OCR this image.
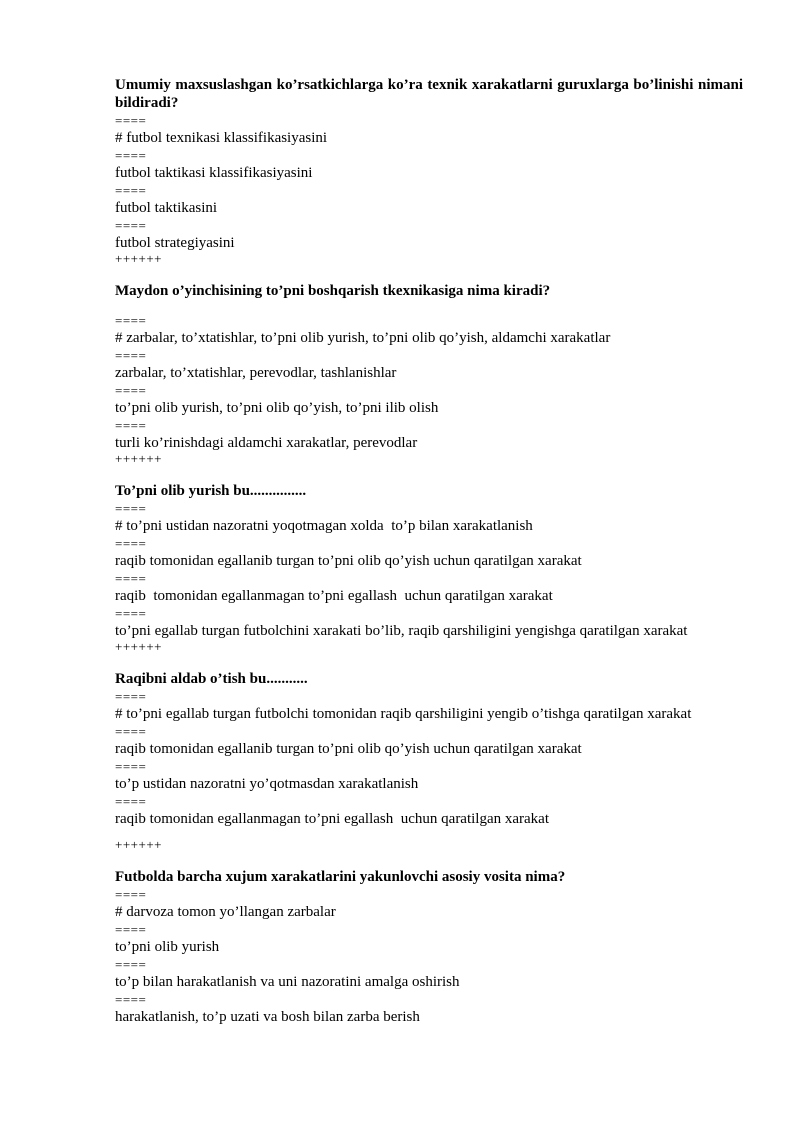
Umumiy maxsuslashgan ko’rsatkichlarga ko’ra texnik xarakatlarni guruxlarga bo’linishi nimani bildiradi?
====
# futbol texnikasi klassifikasiyasini
====
futbol taktikasi klassifikasiyasini
====
futbol taktikasini
====
futbol strategiyasini
++++++
Maydon o’yinchisining to’pni boshqarish tkexnikasiga nima kiradi?
====
# zarbalar, to’xtatishlar, to’pni olib yurish, to’pni olib qo’yish, aldamchi xarakatlar
====
zarbalar, to’xtatishlar, perevodlar, tashlanishlar
====
to’pni olib yurish, to’pni olib qo’yish, to’pni ilib olish
====
turli ko’rinishdagi aldamchi xarakatlar, perevodlar
++++++
To’pni olib yurish bu...............
====
# to’pni ustidan nazoratni yoqotmagan xolda  to’p bilan xarakatlanish
====
raqib tomonidan egallanib turgan to’pni olib qo’yish uchun qaratilgan xarakat
====
raqib  tomonidan egallanmagan to’pni egallash  uchun qaratilgan xarakat
====
to’pni egallab turgan futbolchini xarakati bo’lib, raqib qarshiligini yengishga qaratilgan xarakat
++++++
Raqibni aldab o’tish bu...........
====
# to’pni egallab turgan futbolchi tomonidan raqib qarshiligini yengib o’tishga qaratilgan xarakat
====
raqib tomonidan egallanib turgan to’pni olib qo’yish uchun qaratilgan xarakat
====
to’p ustidan nazoratni yo’qotmasdan xarakatlanish
====
raqib tomonidan egallanmagan to’pni egallash  uchun qaratilgan xarakat
++++++
Futbolda barcha xujum xarakatlarini yakunlovchi asosiy vosita nima?
====
# darvoza tomon yo’llangan zarbalar
====
to’pni olib yurish
====
to’p bilan harakatlanish va uni nazoratini amalga oshirish
====
harakatlanish, to’p uzati va bosh bilan zarba berish
